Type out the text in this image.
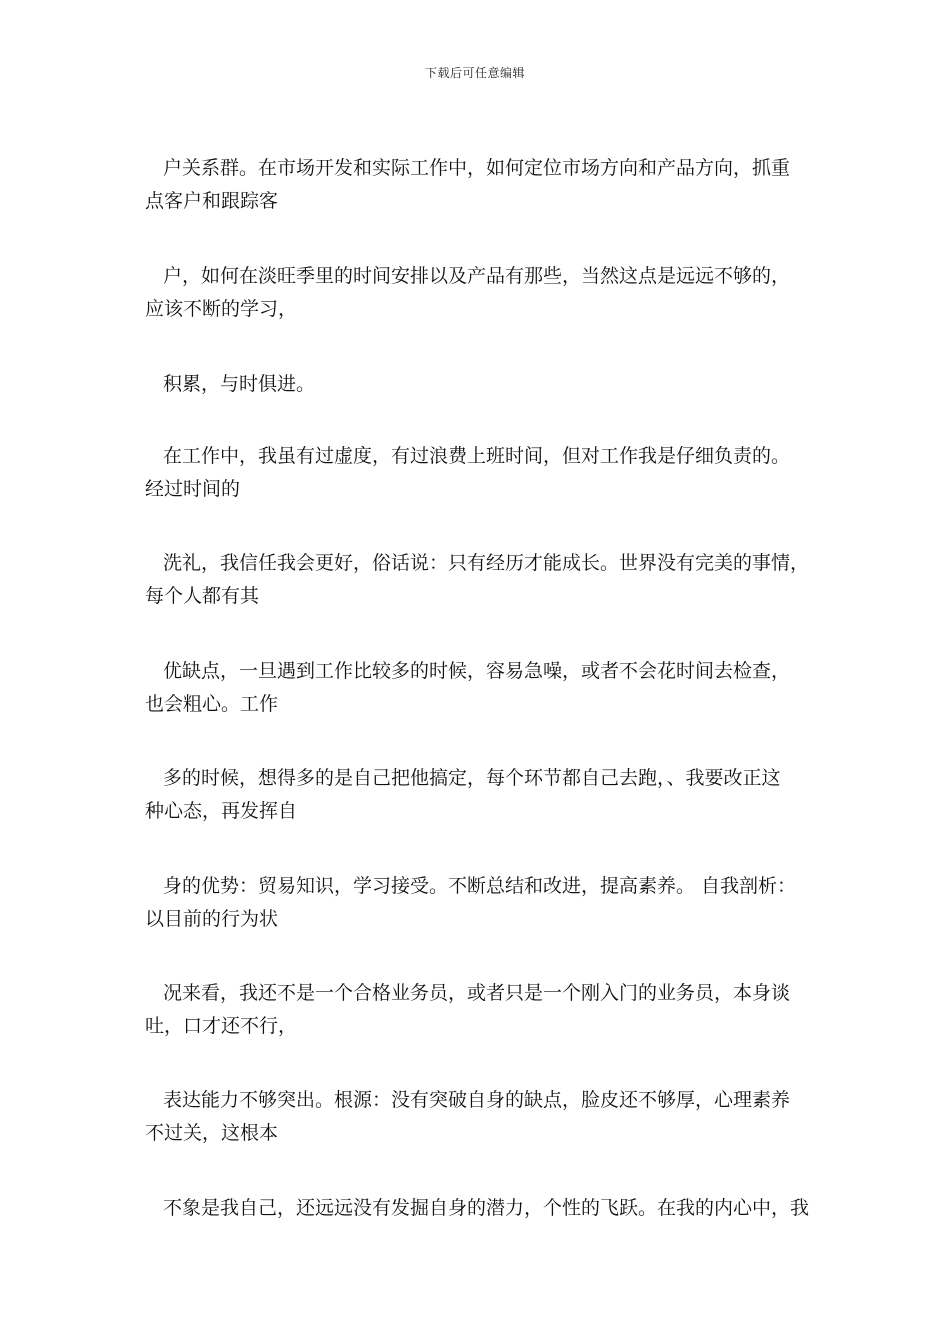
下载后可任意编辑
户关系群。在市场开发和实际工作中，如何定位市场方向和产品方向，抓重
点客户和跟踪客
户，如何在淡旺季里的时间安排以及产品有那些，当然这点是远远不够的，
应该不断的学习，
积累，与时俱进。
在工作中，我虽有过虚度，有过浪费上班时间，但对工作我是仔细负责的。
经过时间的
洗礼，我信任我会更好，俗话说：只有经历才能成长。世界没有完美的事情，
每个人都有其
优缺点，一旦遇到工作比较多的时候，容易急噪，或者不会花时间去检查，
也会粗心。工作
多的时候，想得多的是自己把他搞定，每个环节都自己去跑，、我要改正这
种心态，再发挥自
身的优势：贸易知识，学习接受。不断总结和改进，提高素养。 自我剖析：
以目前的行为状
况来看，我还不是一个合格业务员，或者只是一个刚入门的业务员，本身谈
吐，口才还不行，
表达能力不够突出。根源：没有突破自身的缺点，脸皮还不够厚，心理素养
不过关，这根本
不象是我自己，还远远没有发掘自身的潜力，个性的飞跃。在我的内心中，我
